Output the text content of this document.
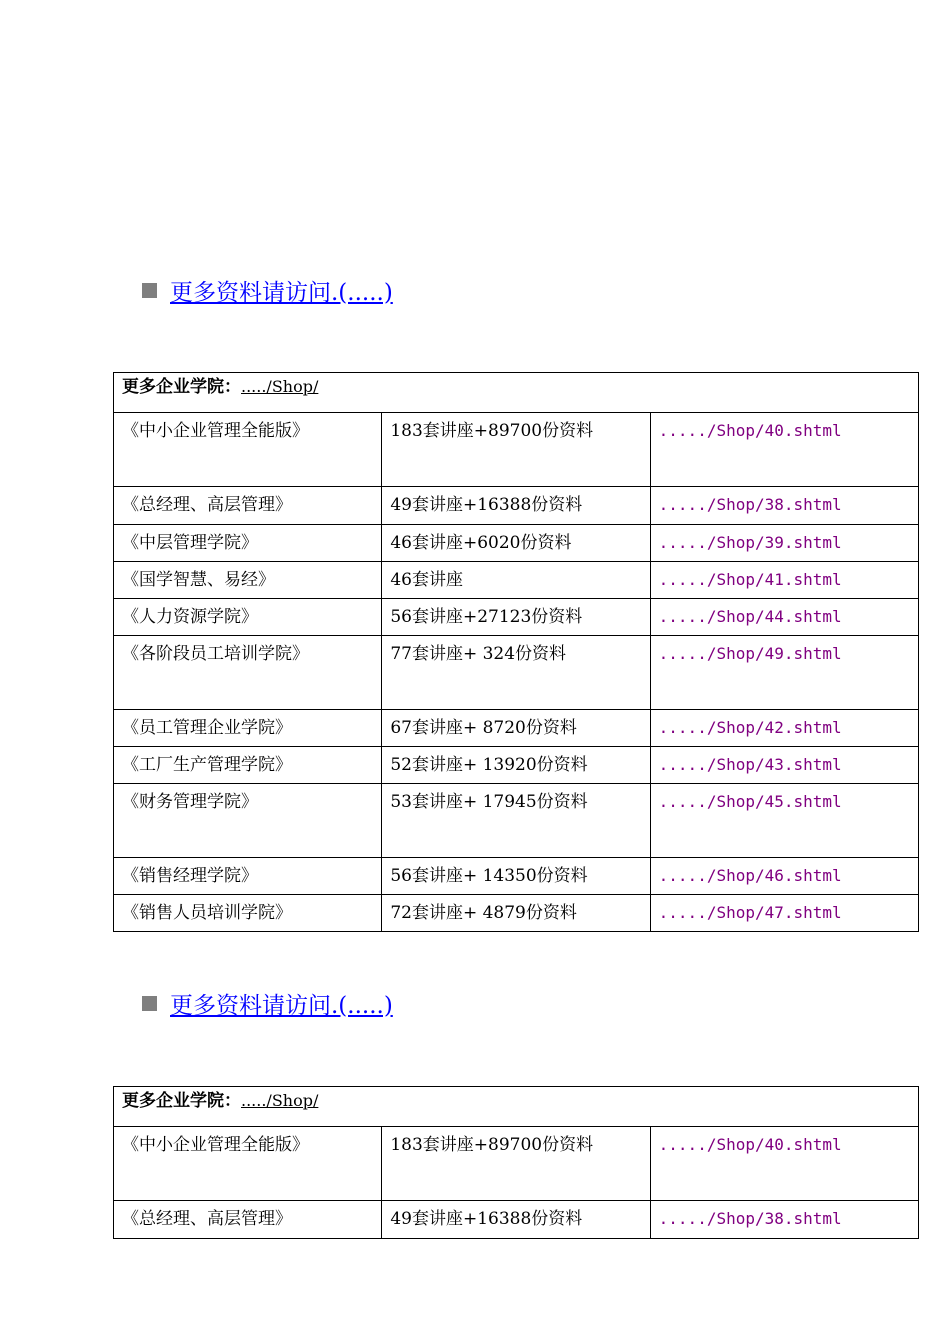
更多资料请访问.(.....)
更多企业学院：...../Shop/		
《中小企业管理全能版》	183套讲座+89700份资料	...../Shop/40.shtml
《总经理、高层管理》	49套讲座+16388份资料	...../Shop/38.shtml
《中层管理学院》	46套讲座+6020份资料	...../Shop/39.shtml
《国学智慧、易经》	46套讲座	...../Shop/41.shtml
《人力资源学院》	56套讲座+27123份资料	...../Shop/44.shtml
《各阶段员工培训学院》	77套讲座+ 324份资料	...../Shop/49.shtml
《员工管理企业学院》	67套讲座+ 8720份资料	...../Shop/42.shtml
《工厂生产管理学院》	52套讲座+ 13920份资料	...../Shop/43.shtml
《财务管理学院》	53套讲座+ 17945份资料	...../Shop/45.shtml
《销售经理学院》	56套讲座+ 14350份资料	...../Shop/46.shtml
《销售人员培训学院》	72套讲座+ 4879份资料	...../Shop/47.shtml
更多资料请访问.(.....)
更多企业学院：...../Shop/		
《中小企业管理全能版》	183套讲座+89700份资料	...../Shop/40.shtml
《总经理、高层管理》	49套讲座+16388份资料	...../Shop/38.shtml
